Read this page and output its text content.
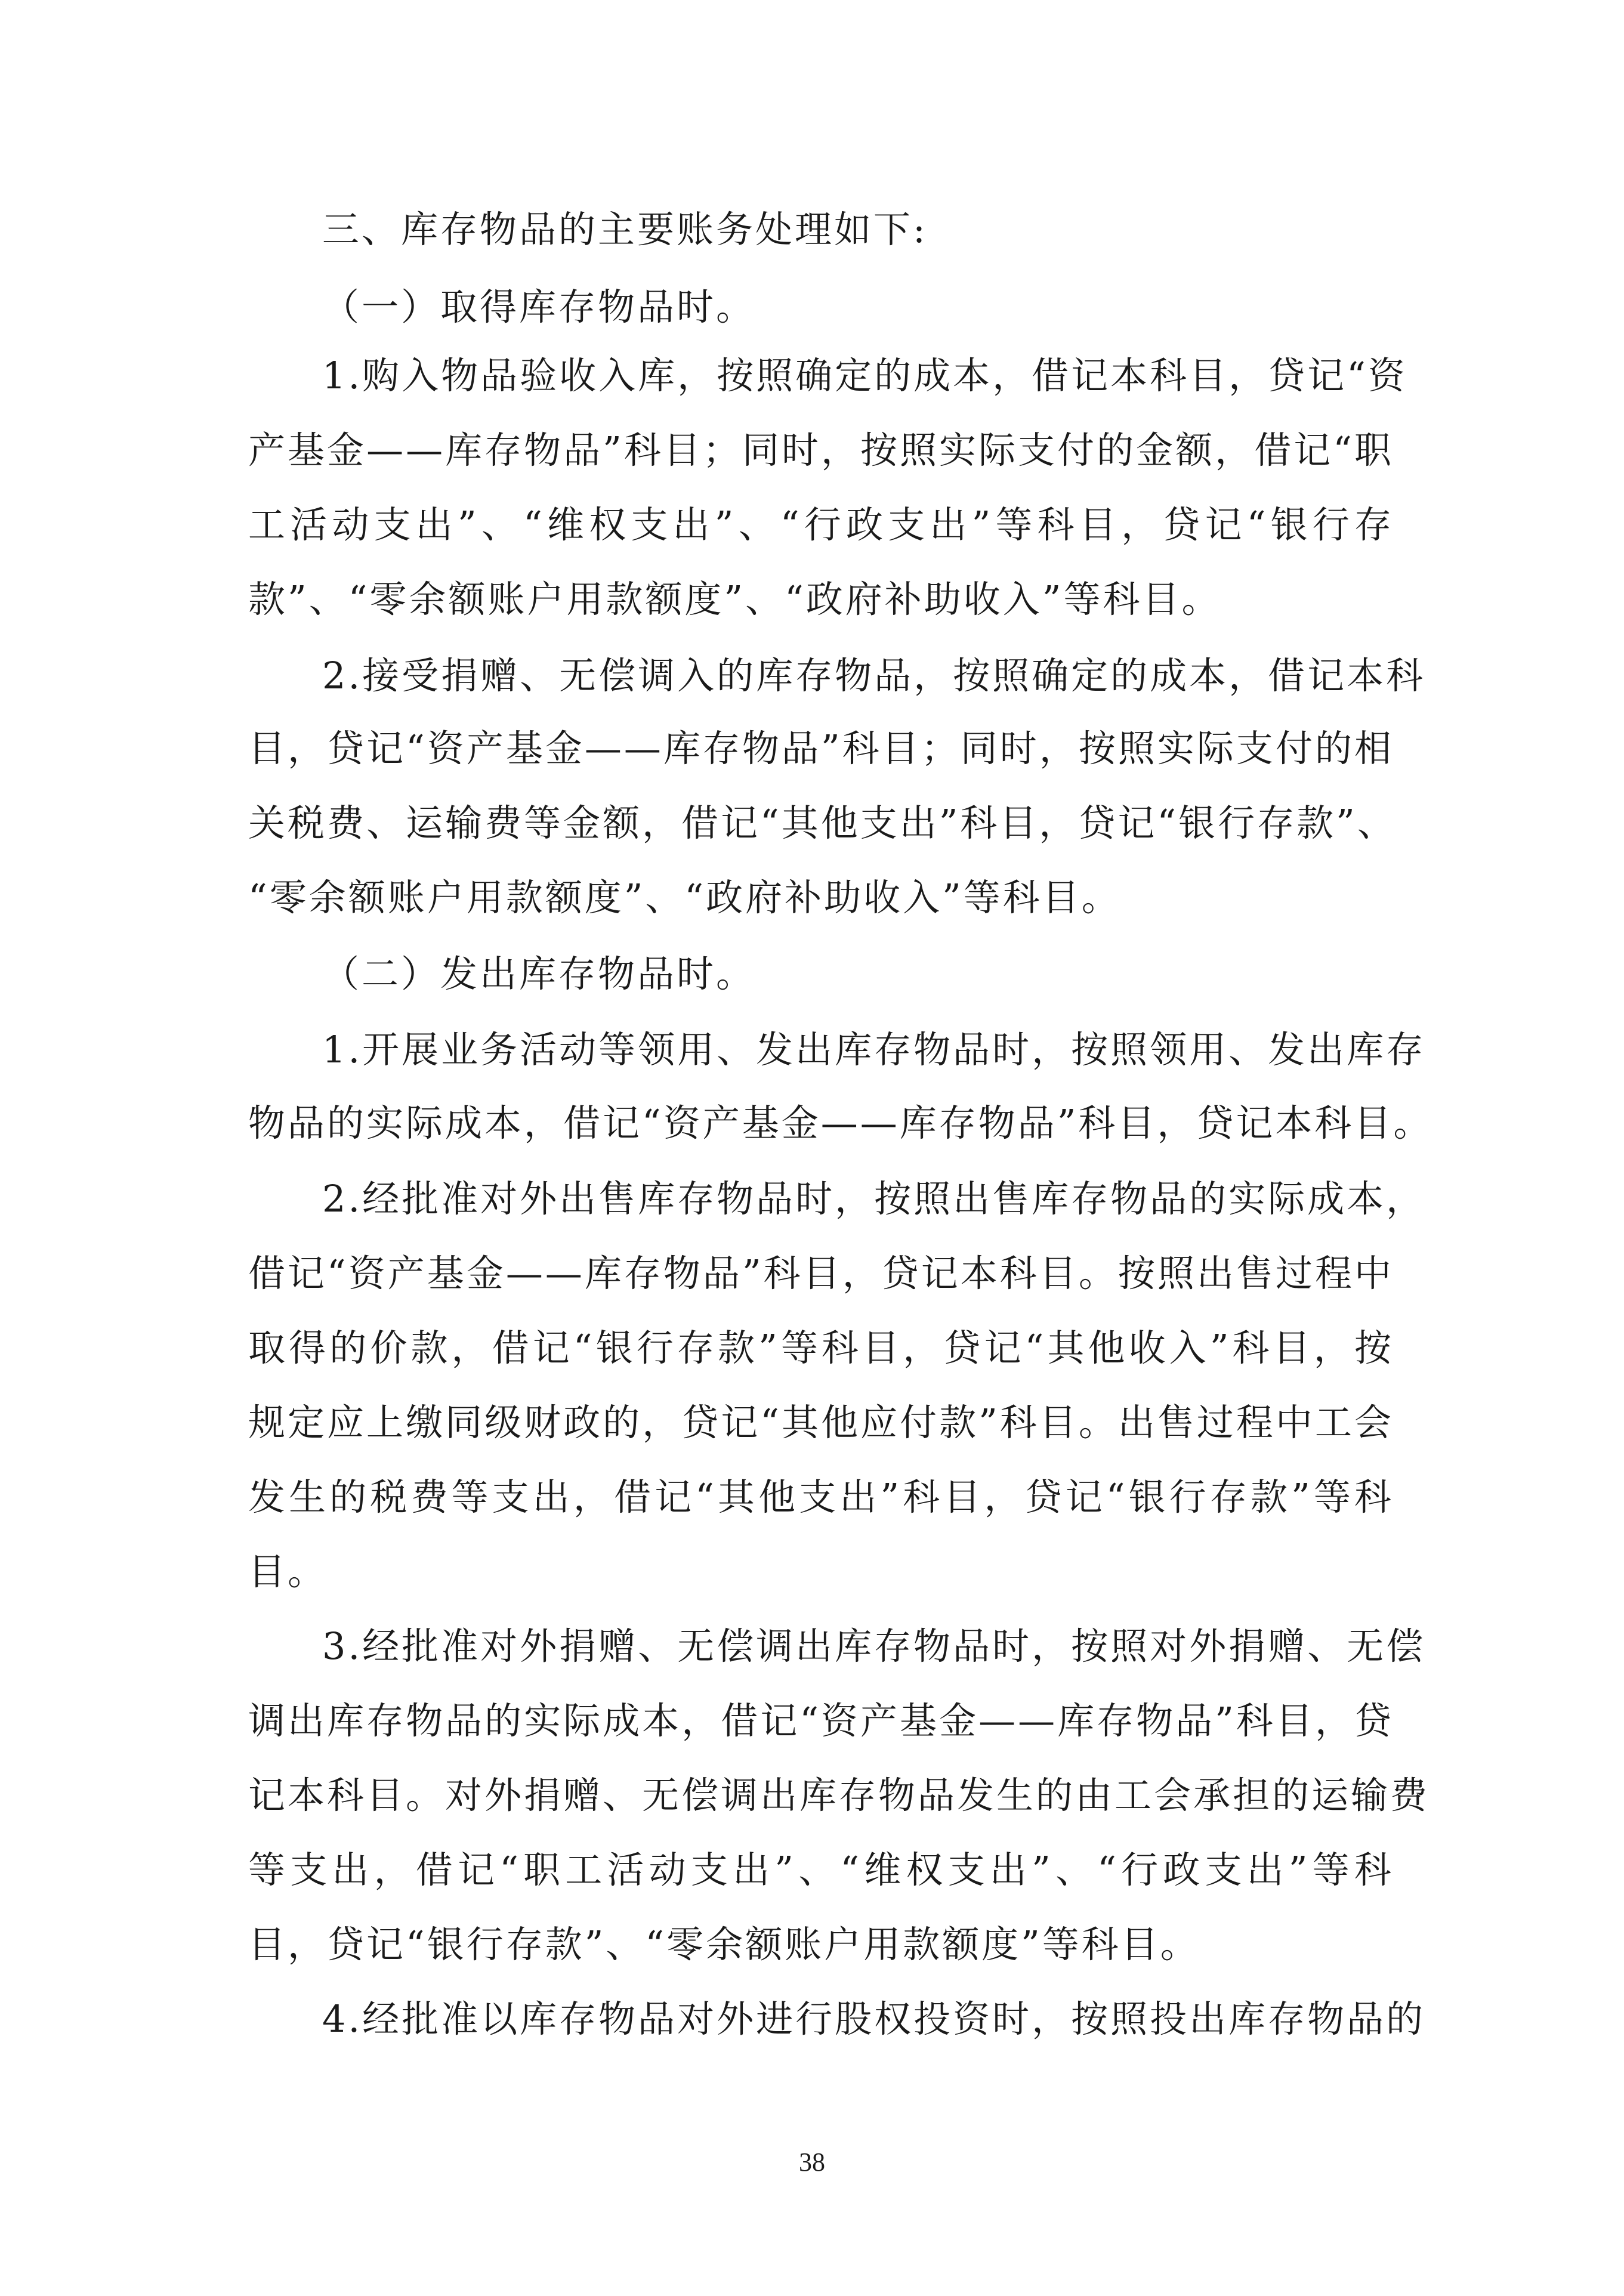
三、库存物品的主要账务处理如下:
（一）取得库存物品时。
1.购入物品验收入库，按照确定的成本，借记本科目，贷记“资
产基金——库存物品”科目；同时，按照实际支付的金额，借记“职
工活动支出”、“维权支出”、“行政支出”等科目，贷记“银行存
款”、“零余额账户用款额度”、“政府补助收入”等科目。
2.接受捐赠、无偿调入的库存物品，按照确定的成本，借记本科
目，贷记“资产基金——库存物品”科目；同时，按照实际支付的相
关税费、运输费等金额，借记“其他支出”科目，贷记“银行存款”、
“零余额账户用款额度”、“政府补助收入”等科目。
（二）发出库存物品时。
1.开展业务活动等领用、发出库存物品时，按照领用、发出库存
物品的实际成本，借记“资产基金——库存物品”科目，贷记本科目。
2.经批准对外出售库存物品时，按照出售库存物品的实际成本，
借记“资产基金——库存物品”科目，贷记本科目。按照出售过程中
取得的价款，借记“银行存款”等科目，贷记“其他收入”科目，按
规定应上缴同级财政的，贷记“其他应付款”科目。出售过程中工会
发生的税费等支出，借记“其他支出”科目，贷记“银行存款”等科
目。
3.经批准对外捐赠、无偿调出库存物品时，按照对外捐赠、无偿
调出库存物品的实际成本，借记“资产基金——库存物品”科目，贷
记本科目。对外捐赠、无偿调出库存物品发生的由工会承担的运输费
等支出，借记“职工活动支出”、“维权支出”、“行政支出”等科
目，贷记“银行存款”、“零余额账户用款额度”等科目。
4.经批准以库存物品对外进行股权投资时，按照投出库存物品的
38
